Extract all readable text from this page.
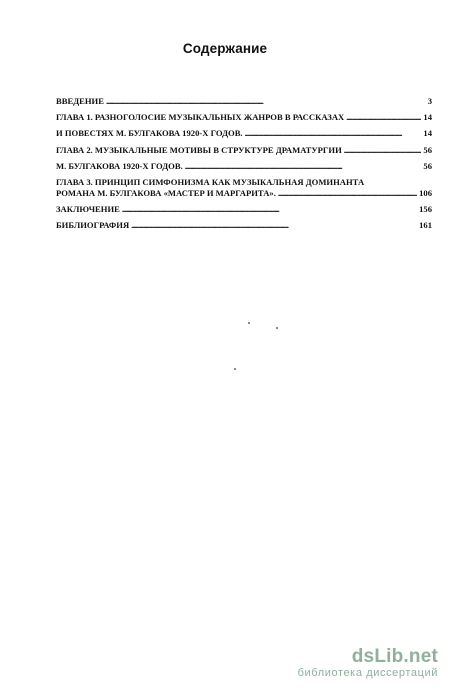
Содержание
ВВЕДЕНИЕ . . .	3
ГЛАВА 1. РАЗНОГОЛОСИЕ МУЗЫКАЛЬНЫХ ЖАНРОВ В РАССКАЗАХ . . .	14
И ПОВЕСТЯХ М. БУЛГАКОВА 1920-Х ГОДОВ. . . .	14
ГЛАВА 2. МУЗЫКАЛЬНЫЕ МОТИВЫ В СТРУКТУРЕ ДРАМАТУРГИИ . . .	56
М. БУЛГАКОВА 1920-Х ГОДОВ. . . .	56
ГЛАВА 3. ПРИНЦИП СИМФОНИЗМА КАК МУЗЫКАЛЬНАЯ ДОМИНАНТА
РОМАНА М. БУЛГАКОВА «МАСТЕР И МАРГАРИТА». . . .	106
ЗАКЛЮЧЕНИЕ . . .	156
БИБЛИОГРАФИЯ . . .	161
dsLib.net
библиотека диссертаций
